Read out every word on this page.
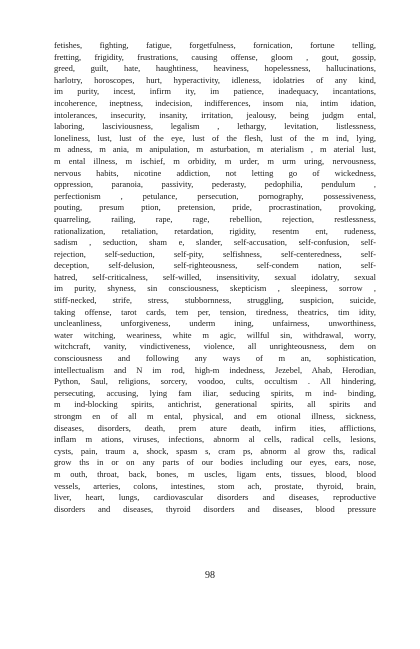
fetishes, fighting, fatigue, forgetfulness, fornication, fortune telling,
fretting, frigidity, frustrations, causing offense, gloom , gout, gossip,
greed, guilt, hate, haughtiness, heaviness, hopelessness, hallucinations,
harlotry, horoscopes, hurt, hyperactivity, idleness, idolatries of any kind,
im purity, incest, infirm ity, im patience, inadequacy, incantations,
incoherence, ineptness, indecision, indifferences, insom nia, intim idation,
intolerances, insecurity, insanity, irritation, jealousy, being judgm ental,
laboring, lasciviousness, legalism , lethargy, levitation, listlessness,
loneliness, lust, lust of the eye, lust of the flesh, lust of the m ind, lying,
m adness, m ania, m anipulation, m asturbation, m aterialism , m aterial lust,
m ental illness, m ischief, m orbidity, m urder, m urm uring, nervousness,
nervous habits, nicotine addiction, not letting go of wickedness,
oppression, paranoia, passivity, pederasty, pedophilia, pendulum ,
perfectionism , petulance, persecution, pornography, possessiveness,
pouting, presum ption, pretension, pride, procrastination, provoking,
quarreling, railing, rape, rage, rebellion, rejection, restlessness,
rationalization, retaliation, retardation, rigidity, resentm ent, rudeness,
sadism , seduction, sham e, slander, self-accusation, self-confusion, self-
rejection, self-seduction, self-pity, selfishness, self-centeredness, self-
deception, self-delusion, self-righteousness, self-condem nation, self-
hatred, self-criticalness, self-willed, insensitivity, sexual idolatry, sexual
im purity, shyness, sin consciousness, skepticism , sleepiness, sorrow ,
stiff-necked, strife, stress, stubbornness, struggling, suspicion, suicide,
taking offense, tarot cards, tem per, tension, tiredness, theatrics, tim idity,
uncleanliness, unforgiveness, underm ining, unfairness, unworthiness,
water witching, weariness, white m agic, willful sin, withdrawal, worry,
witchcraft, vanity, vindictiveness, violence, all unrighteousness, dem on
consciousness and following any ways of m an, sophistication,
intellectualism and N im rod, high-m indedness, Jezebel, Ahab, Herodian,
Python, Saul, religions, sorcery, voodoo, cults, occultism . All hindering,
persecuting, accusing, lying fam iliar, seducing spirits, m ind- binding,
m ind-blocking spirits, antichrist, generational spirits, all spirits and
strongm en of all m ental, physical, and em otional illness, sickness,
diseases, disorders, death, prem ature death, infirm ities, afflictions,
inflam m ations, viruses, infections, abnorm al cells, radical cells, lesions,
cysts, pain, traum a, shock, spasm s, cram ps, abnorm al grow ths, radical
grow ths in or on any parts of our bodies including our eyes, ears, nose,
m outh, throat, back, bones, m uscles, ligam ents, tissues, blood, blood
vessels, arteries, colons, intestines, stom ach, prostate, thyroid, brain,
liver, heart, lungs, cardiovascular disorders and diseases, reproductive
disorders and diseases, thyroid disorders and diseases, blood pressure
98
